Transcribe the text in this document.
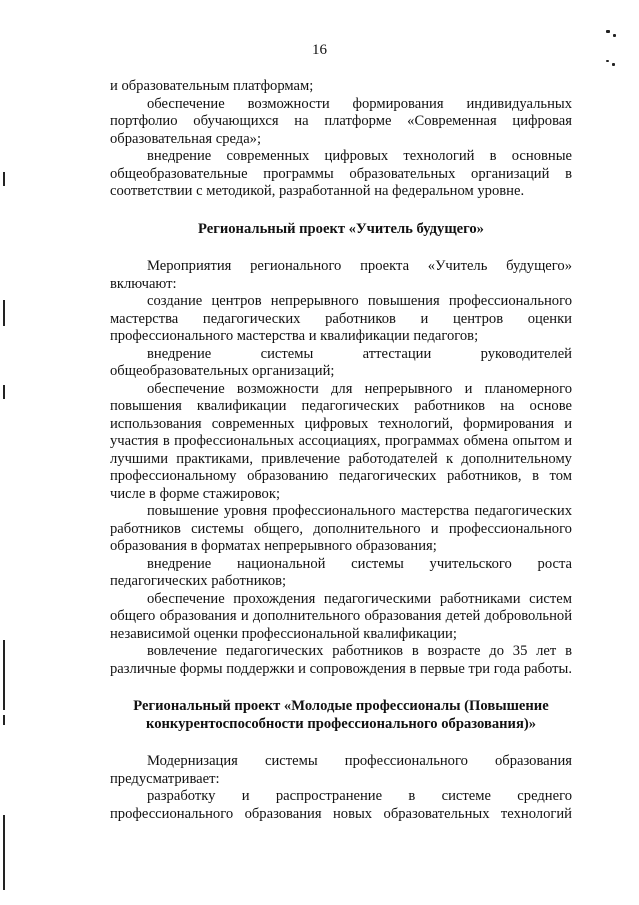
16

и образовательным платформам;

обеспечение возможности формирования индивидуальных портфолио обучающихся на платформе «Современная цифровая образовательная среда»;

внедрение современных цифровых технологий в основные общеобразовательные программы образовательных организаций в соответствии с методикой, разработанной на федеральном уровне.

Региональный проект «Учитель будущего»

Мероприятия регионального проекта «Учитель будущего» включают:

создание центров непрерывного повышения профессионального мастерства педагогических работников и центров оценки профессионального мастерства и квалификации педагогов;

внедрение системы аттестации руководителей общеобразовательных организаций;

обеспечение возможности для непрерывного и планомерного повышения квалификации педагогических работников на основе использования современных цифровых технологий, формирования и участия в профессиональных ассоциациях, программах обмена опытом и лучшими практиками, привлечение работодателей к дополнительному профессиональному образованию педагогических работников, в том числе в форме стажировок;

повышение уровня профессионального мастерства педагогических работников системы общего, дополнительного и профессионального образования в форматах непрерывного образования;

внедрение национальной системы учительского роста педагогических работников;

обеспечение прохождения педагогическими работниками систем общего образования и дополнительного образования детей добровольной независимой оценки профессиональной квалификации;

вовлечение педагогических работников в возрасте до 35 лет в различные формы поддержки и сопровождения в первые три года работы.

Региональный проект «Молодые профессионалы (Повышение
конкурентоспособности профессионального образования)»

Модернизация системы профессионального образования предусматривает:

разработку и распространение в системе среднего профессионального образования новых образовательных технологий
